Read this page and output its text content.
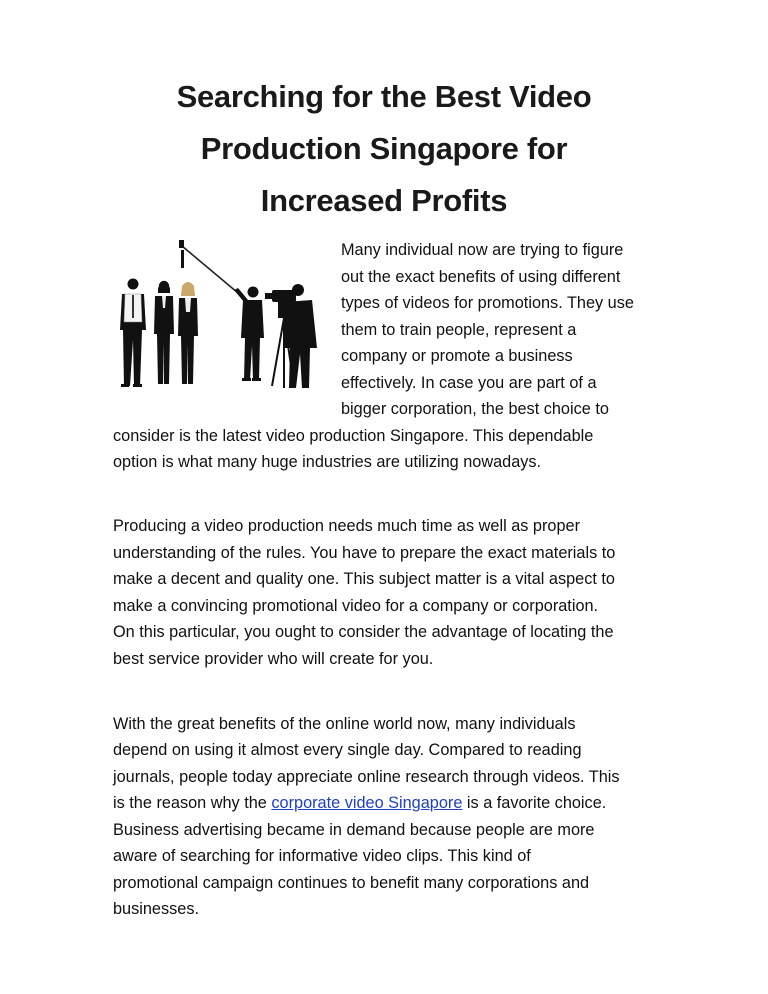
Searching for the Best Video
Production Singapore for
Increased Profits
Many individual now are trying to figure
out the exact benefits of using different
types of videos for promotions. They use
them to train people, represent a
company or promote a business
effectively. In case you are part of a
bigger corporation, the best choice to
consider is the latest video production Singapore. This dependable
option is what many huge industries are utilizing nowadays.
Producing a video production needs much time as well as proper
understanding of the rules. You have to prepare the exact materials to
make a decent and quality one. This subject matter is a vital aspect to
make a convincing promotional video for a company or corporation.
On this particular, you ought to consider the advantage of locating the
best service provider who will create for you.
With the great benefits of the online world now, many individuals
depend on using it almost every single day. Compared to reading
journals, people today appreciate online research through videos. This
is the reason why the corporate video Singapore is a favorite choice.
Business advertising became in demand because people are more
aware of searching for informative video clips. This kind of
promotional campaign continues to benefit many corporations and
businesses.
